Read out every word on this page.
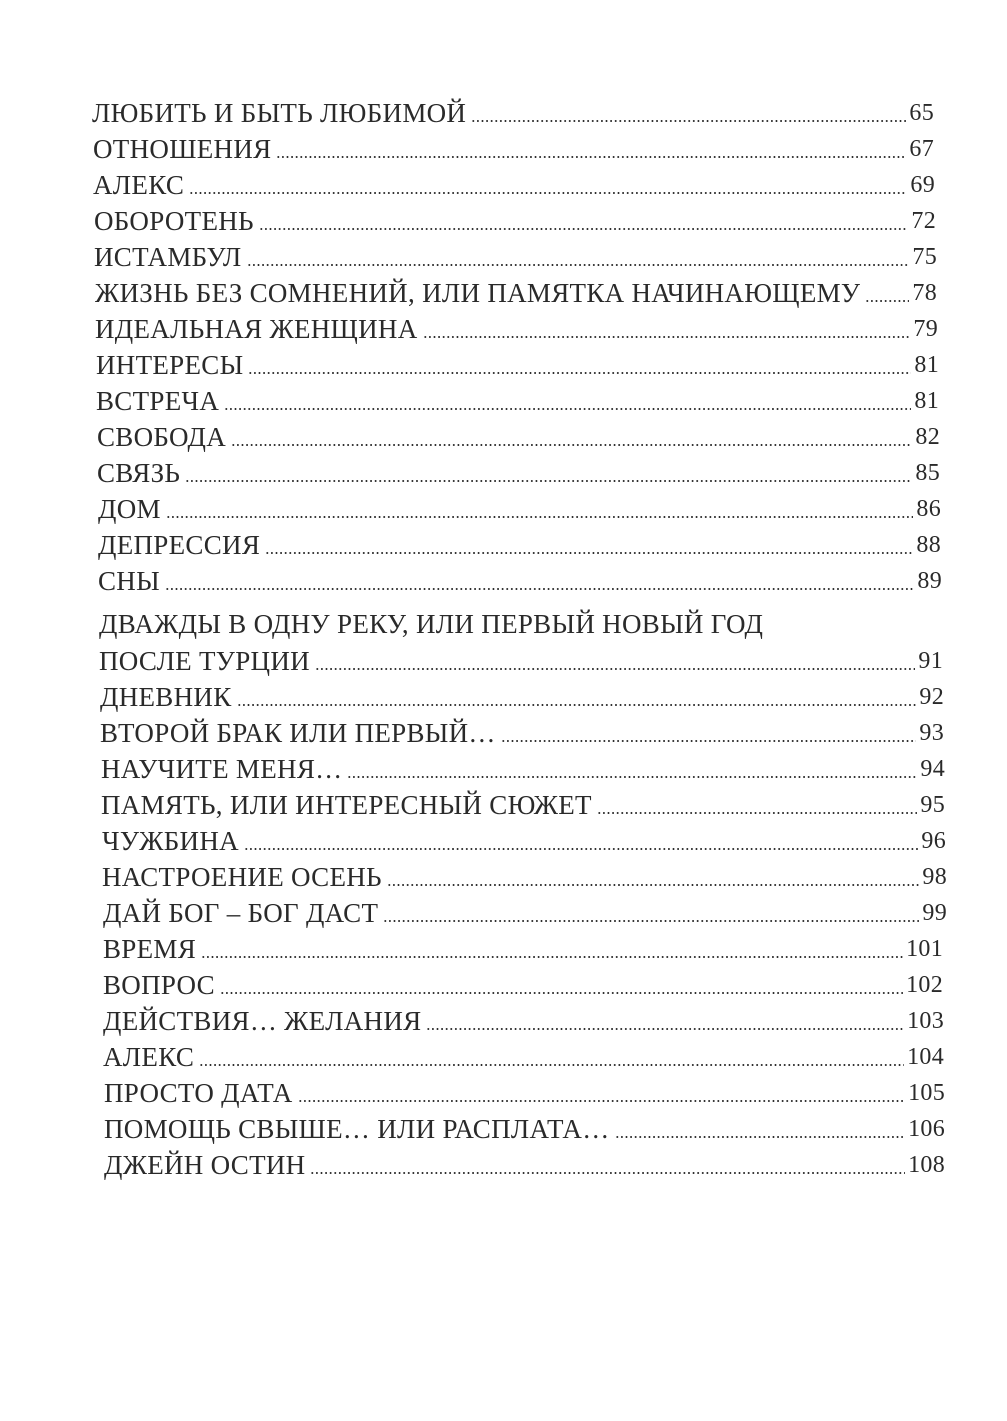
ЛЮБИТЬ И БЫТЬ ЛЮБИМОЙ	65
ОТНОШЕНИЯ	67
АЛЕКС	69
ОБОРОТЕНЬ	72
ИСТАМБУЛ	75
ЖИЗНЬ БЕЗ СОМНЕНИЙ, ИЛИ ПАМЯТКА НАЧИНАЮЩЕМУ 78
ИДЕАЛЬНАЯ ЖЕНЩИНА	79
ИНТЕРЕСЫ	81
ВСТРЕЧА	81
СВОБОДА	82
СВЯЗЬ	85
ДОМ	86
ДЕПРЕССИЯ	88
СНЫ	89
ДВАЖДЫ В ОДНУ РЕКУ, ИЛИ ПЕРВЫЙ НОВЫЙ ГОД
ПОСЛЕ ТУРЦИИ	91
ДНЕВНИК	92
ВТОРОЙ БРАК ИЛИ ПЕРВЫЙ…	93
НАУЧИТЕ МЕНЯ…	94
ПАМЯТЬ, ИЛИ ИНТЕРЕСНЫЙ СЮЖЕТ	95
ЧУЖБИНА	96
НАСТРОЕНИЕ ОСЕНЬ	98
ДАЙ БОГ – БОГ ДАСТ	99
ВРЕМЯ	101
ВОПРОС	102
ДЕЙСТВИЯ… ЖЕЛАНИЯ	103
АЛЕКС	104
ПРОСТО ДАТА	105
ПОМОЩЬ СВЫШЕ… ИЛИ РАСПЛАТА…	106
ДЖЕЙН ОСТИН	108
